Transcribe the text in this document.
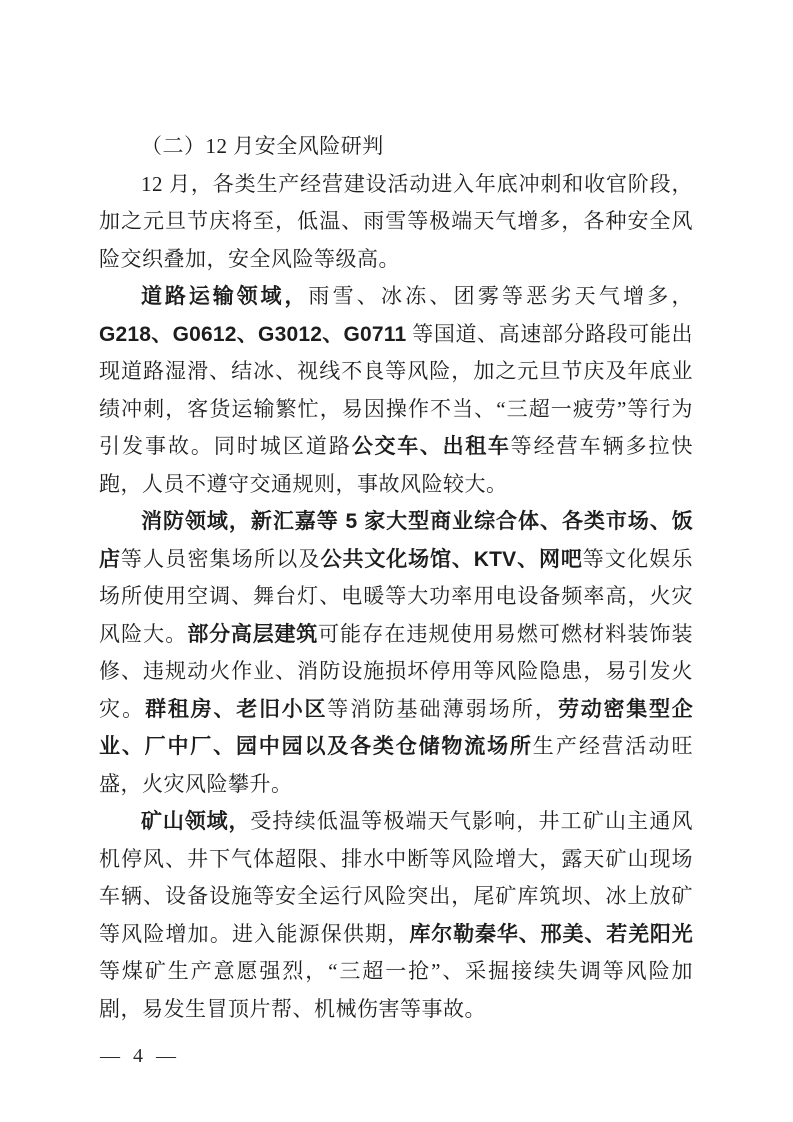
（二）12 月安全风险研判

12 月，各类生产经营建设活动进入年底冲刺和收官阶段，加之元旦节庆将至，低温、雨雪等极端天气增多，各种安全风险交织叠加，安全风险等级高。

道路运输领域，雨雪、冰冻、团雾等恶劣天气增多，G218、G0612、G3012、G0711 等国道、高速部分路段可能出现道路湿滑、结冰、视线不良等风险，加之元旦节庆及年底业绩冲刺，客货运输繁忙，易因操作不当、“三超一疲劳”等行为引发事故。同时城区道路公交车、出租车等经营车辆多拉快跑，人员不遵守交通规则，事故风险较大。

消防领域，新汇嘉等 5 家大型商业综合体、各类市场、饭店等人员密集场所以及公共文化场馆、KTV、网吧等文化娱乐场所使用空调、舞台灯、电暖等大功率用电设备频率高，火灾风险大。部分高层建筑可能存在违规使用易燃可燃材料装饰装修、违规动火作业、消防设施损坏停用等风险隐患，易引发火灾。群租房、老旧小区等消防基础薄弱场所，劳动密集型企业、厂中厂、园中园以及各类仓储物流场所生产经营活动旺盛，火灾风险攀升。

矿山领域，受持续低温等极端天气影响，井工矿山主通风机停风、井下气体超限、排水中断等风险增大，露天矿山现场车辆、设备设施等安全运行风险突出，尾矿库筑坝、冰上放矿等风险增加。进入能源保供期，库尔勒秦华、邢美、若羌阳光等煤矿生产意愿强烈，“三超一抢”、采掘接续失调等风险加剧，易发生冒顶片帮、机械伤害等事故。

— 4 —
